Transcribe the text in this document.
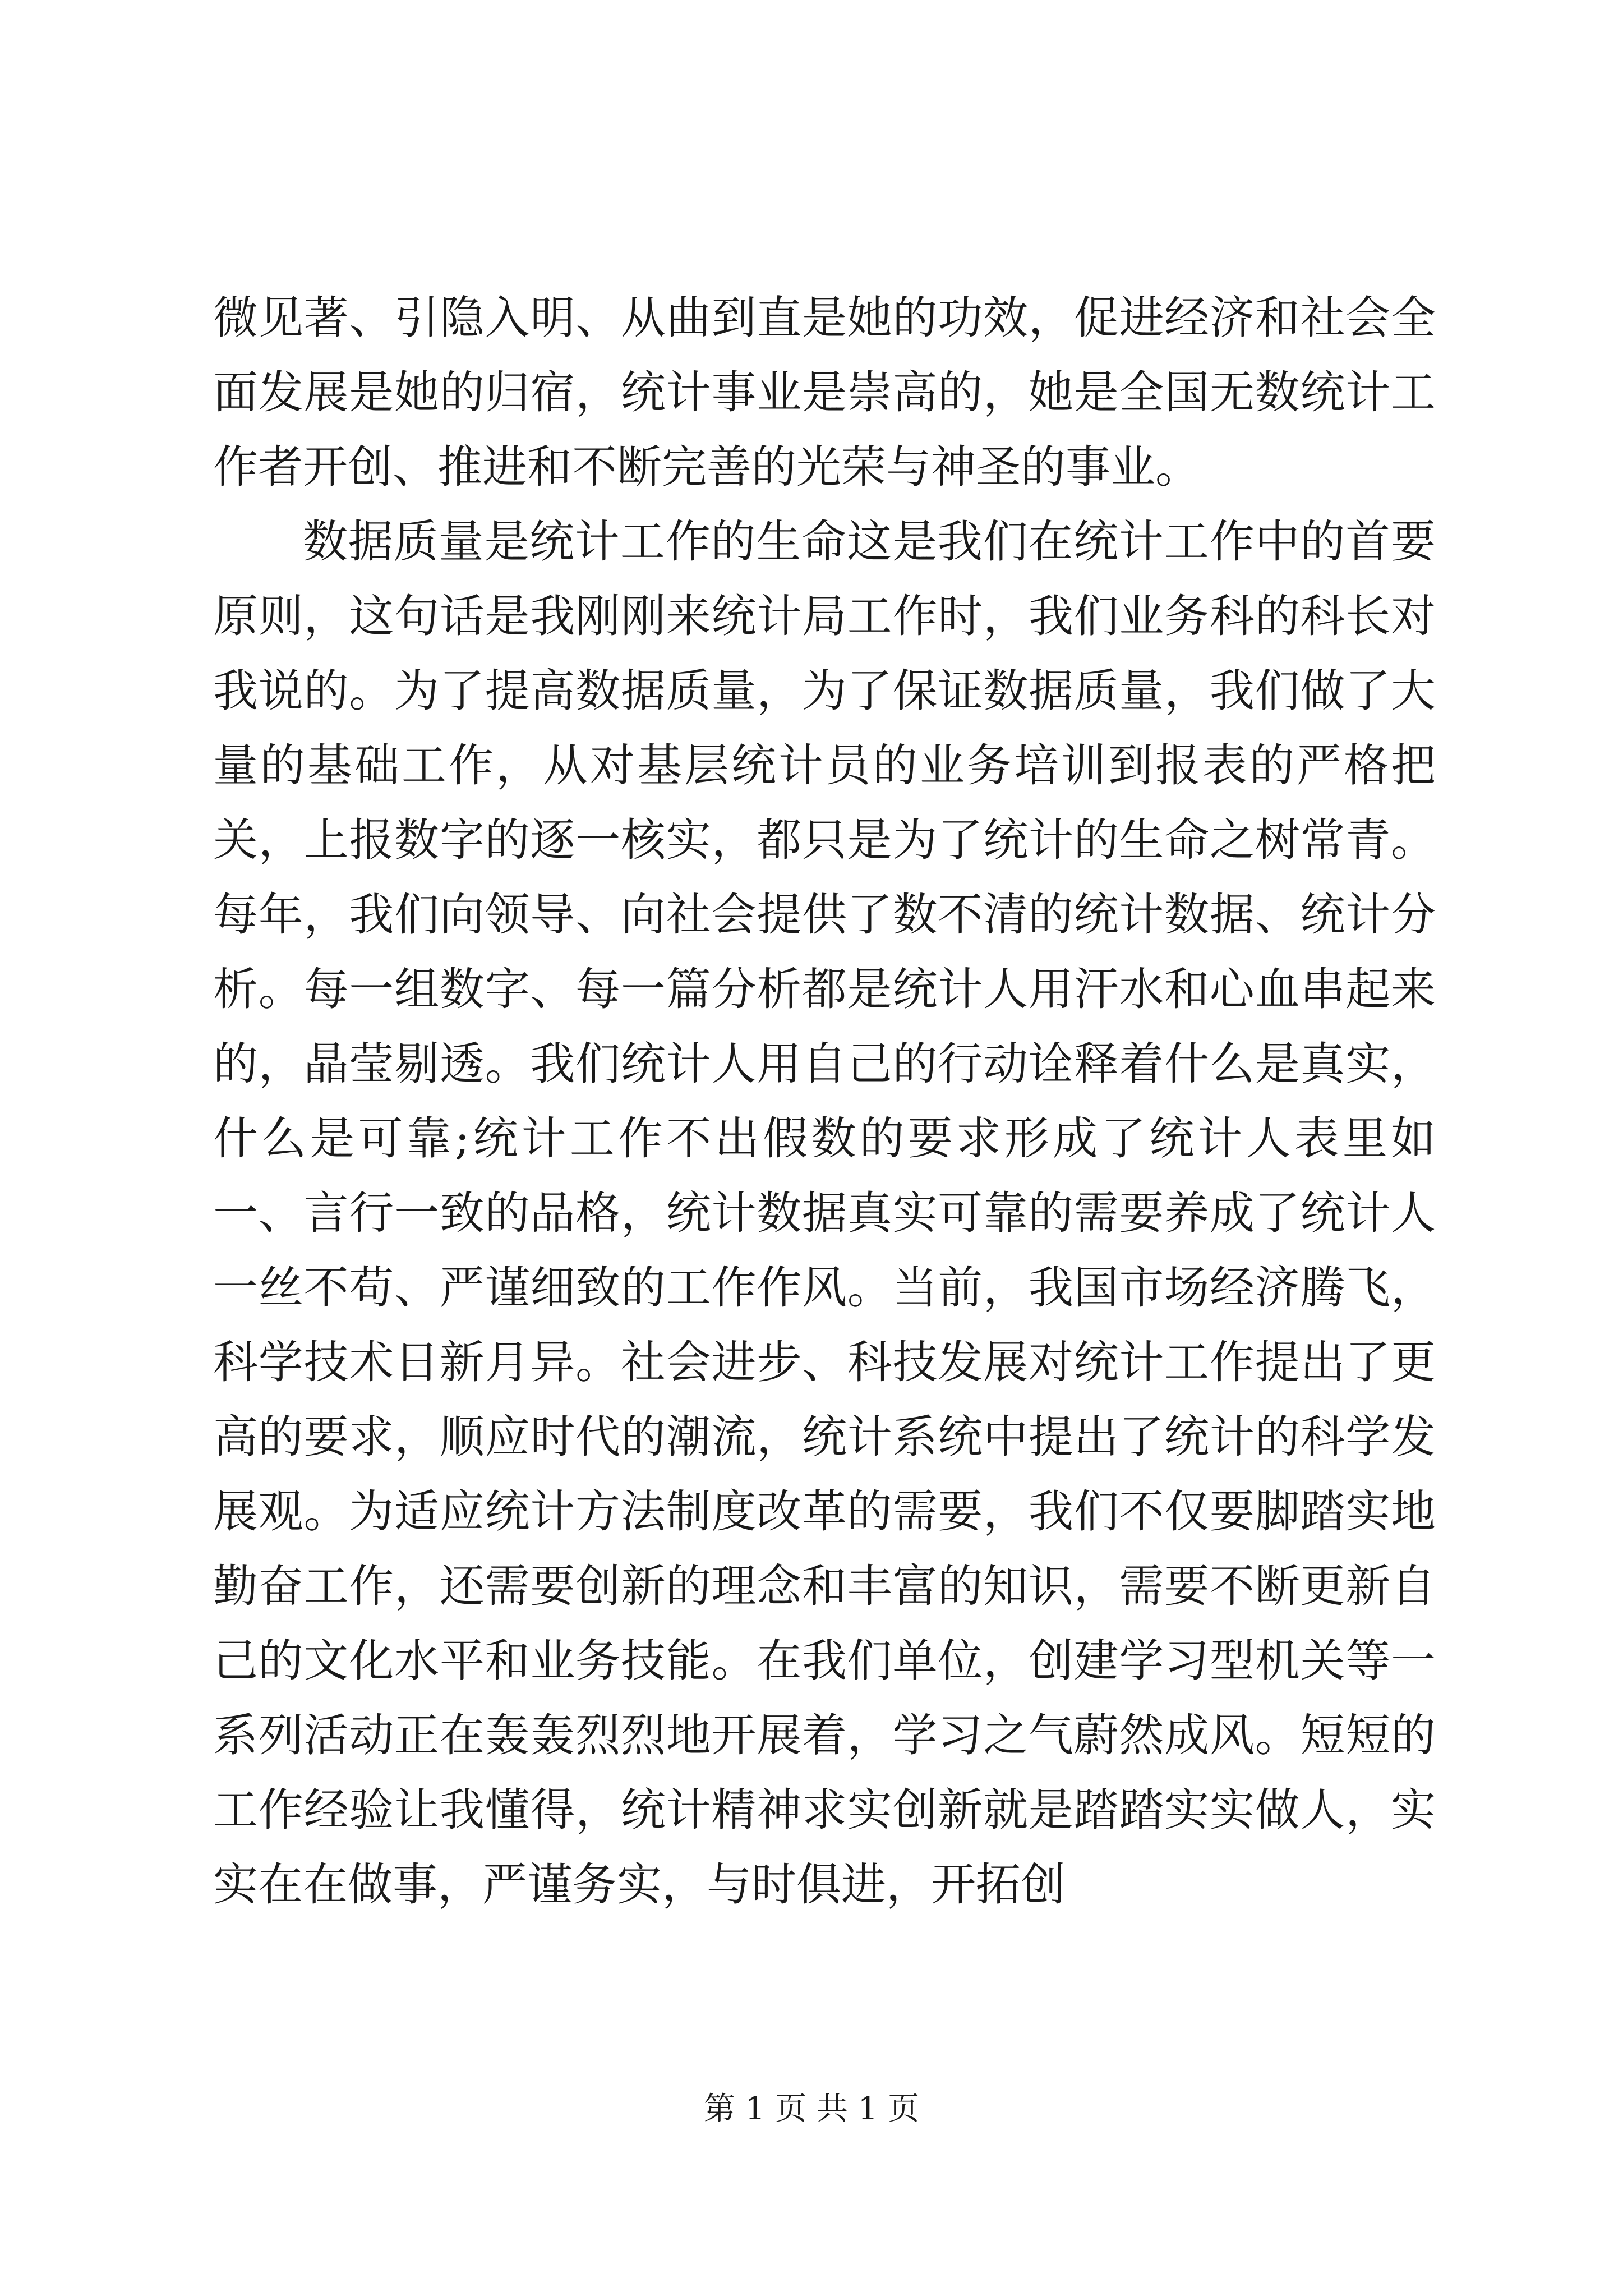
微见著、引隐入明、从曲到直是她的功效，促进经济和社会全面发展是她的归宿，统计事业是崇高的，她是全国无数统计工作者开创、推进和不断完善的光荣与神圣的事业。

数据质量是统计工作的生命这是我们在统计工作中的首要原则，这句话是我刚刚来统计局工作时，我们业务科的科长对我说的。为了提高数据质量，为了保证数据质量，我们做了大量的基础工作，从对基层统计员的业务培训到报表的严格把关，上报数字的逐一核实，都只是为了统计的生命之树常青。每年，我们向领导、向社会提供了数不清的统计数据、统计分析。每一组数字、每一篇分析都是统计人用汗水和心血串起来的，晶莹剔透。我们统计人用自己的行动诠释着什么是真实，什么是可靠;统计工作不出假数的要求形成了统计人表里如一、言行一致的品格，统计数据真实可靠的需要养成了统计人一丝不苟、严谨细致的工作作风。当前，我国市场经济腾飞，科学技术日新月异。社会进步、科技发展对统计工作提出了更高的要求，顺应时代的潮流，统计系统中提出了统计的科学发展观。为适应统计方法制度改革的需要，我们不仅要脚踏实地勤奋工作，还需要创新的理念和丰富的知识，需要不断更新自己的文化水平和业务技能。在我们单位，创建学习型机关等一系列活动正在轰轰烈烈地开展着，学习之气蔚然成风。短短的工作经验让我懂得，统计精神求实创新就是踏踏实实做人，实实在在做事，严谨务实，与时俱进，开拓创

第 1 页 共 1 页
